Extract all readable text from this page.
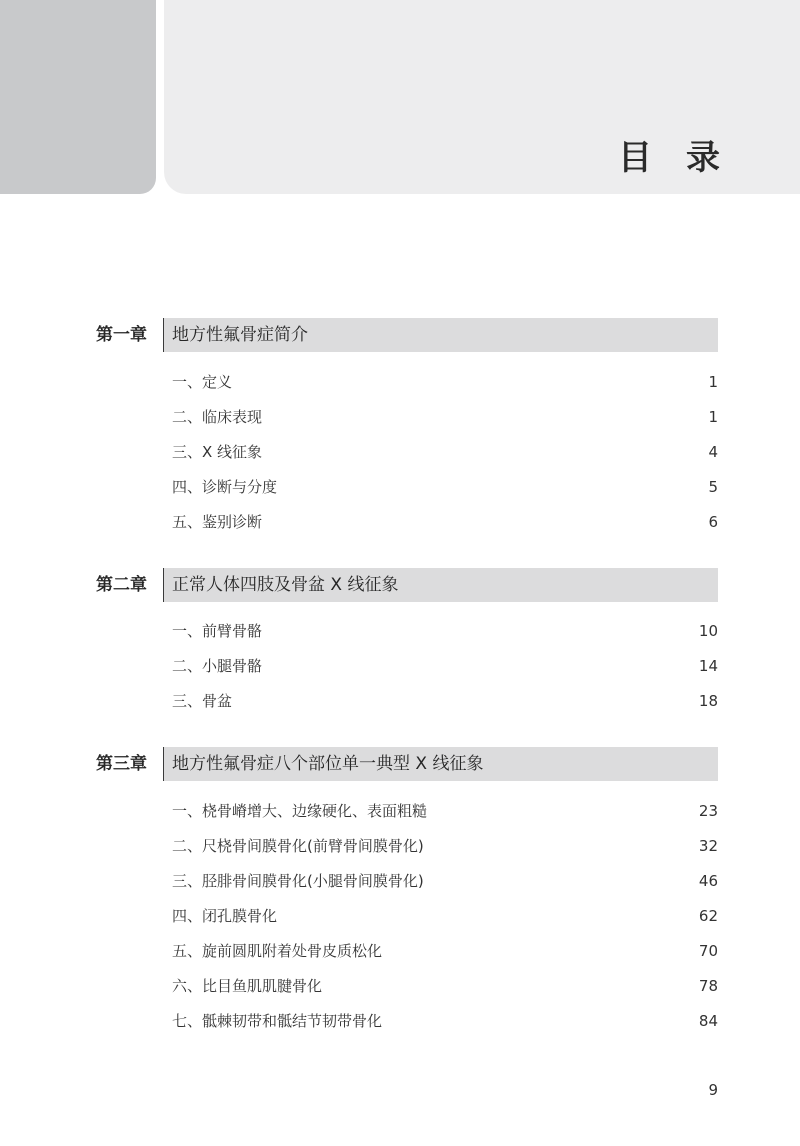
目录
第一章 地方性氟骨症简介
一、定义	1
二、临床表现	1
三、X 线征象	4
四、诊断与分度	5
五、鉴别诊断	6
第二章 正常人体四肢及骨盆 X 线征象
一、前臂骨骼	10
二、小腿骨骼	14
三、骨盆	18
第三章 地方性氟骨症八个部位单一典型 X 线征象
一、桡骨嵴增大、边缘硬化、表面粗糙	23
二、尺桡骨间膜骨化(前臂骨间膜骨化)	32
三、胫腓骨间膜骨化(小腿骨间膜骨化)	46
四、闭孔膜骨化	62
五、旋前圆肌附着处骨皮质松化	70
六、比目鱼肌肌腱骨化	78
七、骶棘韧带和骶结节韧带骨化	84
9
